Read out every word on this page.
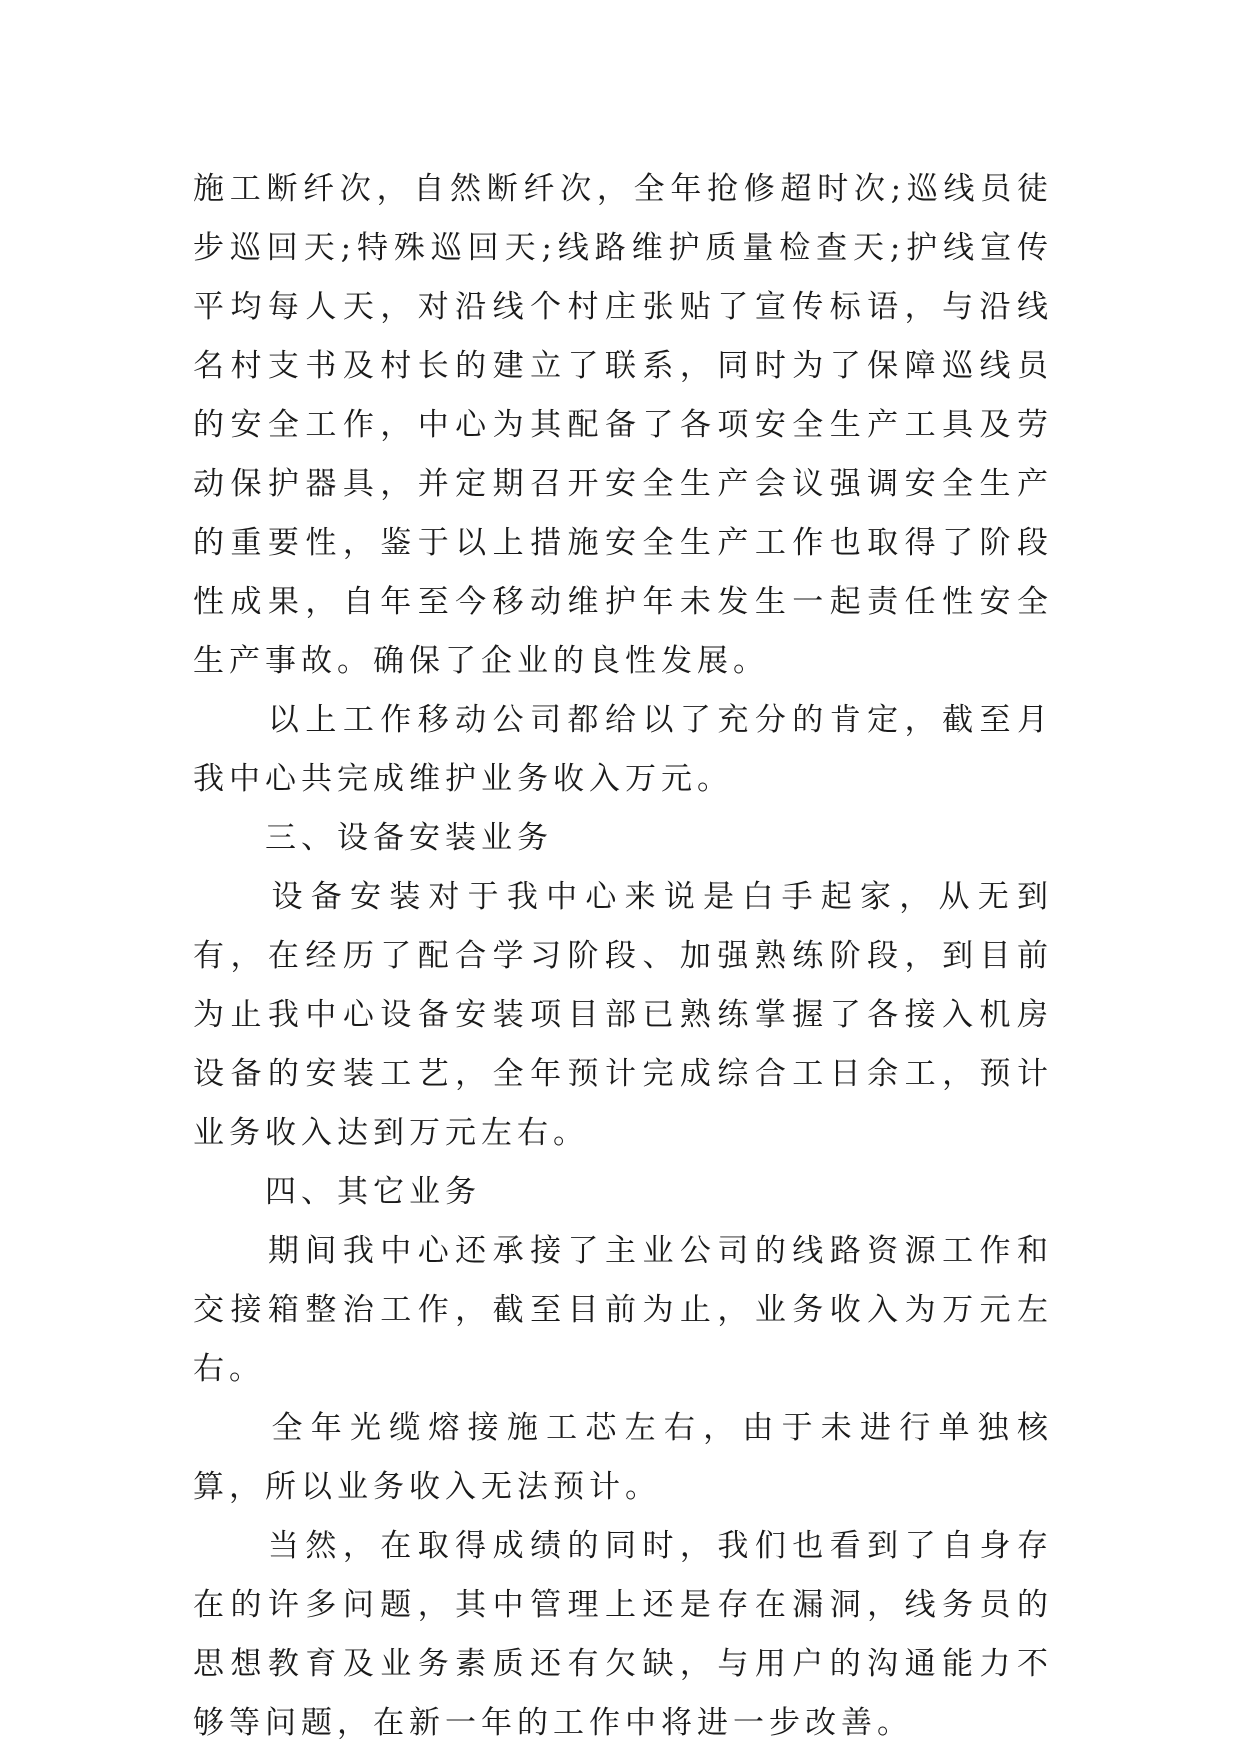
施工断纤次，自然断纤次，全年抢修超时次;巡线员徒步巡回天;特殊巡回天;线路维护质量检查天;护线宣传平均每人天，对沿线个村庄张贴了宣传标语，与沿线名村支书及村长的建立了联系，同时为了保障巡线员的安全工作，中心为其配备了各项安全生产工具及劳动保护器具，并定期召开安全生产会议强调安全生产的重要性，鉴于以上措施安全生产工作也取得了阶段性成果，自年至今移动维护年未发生一起责任性安全生产事故。确保了企业的良性发展。

　　以上工作移动公司都给以了充分的肯定，截至月我中心共完成维护业务收入万元。

　　三、设备安装业务

　　设备安装对于我中心来说是白手起家，从无到有，在经历了配合学习阶段、加强熟练阶段，到目前为止我中心设备安装项目部已熟练掌握了各接入机房设备的安装工艺，全年预计完成综合工日余工，预计业务收入达到万元左右。

　　四、其它业务

　　期间我中心还承接了主业公司的线路资源工作和交接箱整治工作，截至目前为止，业务收入为万元左右。

　　全年光缆熔接施工芯左右，由于未进行单独核算，所以业务收入无法预计。

　　当然，在取得成绩的同时，我们也看到了自身存在的许多问题，其中管理上还是存在漏洞，线务员的思想教育及业务素质还有欠缺，与用户的沟通能力不够等问题，在新一年的工作中将进一步改善。
